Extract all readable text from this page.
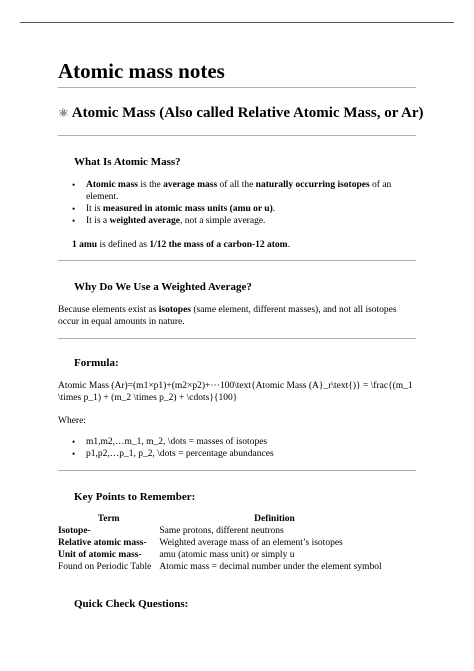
Atomic mass notes
⚛ Atomic Mass (Also called Relative Atomic Mass, or Ar)
What Is Atomic Mass?
• Atomic mass is the average mass of all the naturally occurring isotopes of an element.
• It is measured in atomic mass units (amu or u).
• It is a weighted average, not a simple average.

1 amu is defined as 1/12 the mass of a carbon-12 atom.

Why Do We Use a Weighted Average?

Because elements exist as isotopes (same element, different masses), and not all isotopes occur in equal amounts in nature.

Formula:

Atomic Mass (Ar)=(m1×p1)+(m2×p2)+⋯100\text{Atomic Mass (A}_r\text{)} = \frac{(m_1 \times p_1) + (m_2 \times p_2) + \cdots}{100}

Where:

• m1,m2,…m_1, m_2, \dots = masses of isotopes
• p1,p2,…p_1, p_2, \dots = percentage abundances
Key Points to Remember:
Term	Definition
Isotope-	Same protons, different neutrons
Relative atomic mass-	Weighted average mass of an element’s isotopes
Unit of atomic mass-	amu (atomic mass unit) or simply u
Found on Periodic Table	Atomic mass = decimal number under the element symbol
Quick Check Questions:
